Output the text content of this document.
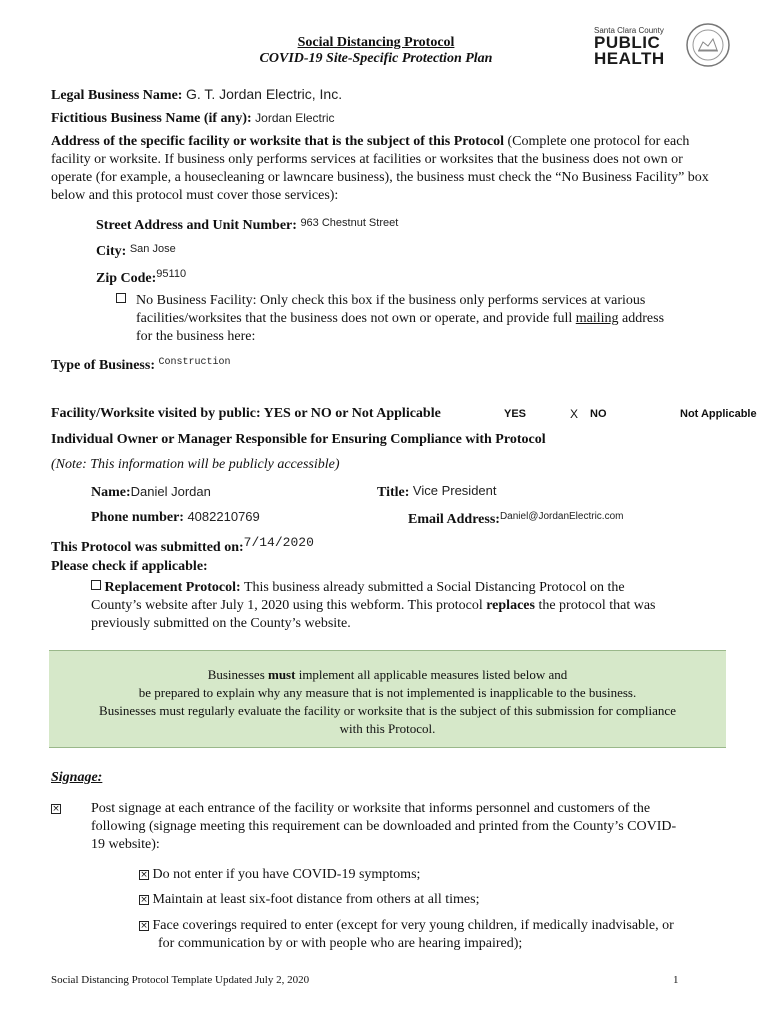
Social Distancing Protocol
COVID-19 Site-Specific Protection Plan
Santa Clara County
PUBLIC
HEALTH
Legal Business Name: G. T. Jordan Electric, Inc.
Fictitious Business Name (if any): Jordan Electric
Address of the specific facility or worksite that is the subject of this Protocol (Complete one protocol for each facility or worksite. If business only performs services at facilities or worksites that the business does not own or operate (for example, a housecleaning or lawncare business), the business must check the “No Business Facility” box below and this protocol must cover those services):
Street Address and Unit Number: $^{963 Chestnut Street}$
City: $^{San Jose}$
Zip Code:$^{95110}$
No Business Facility: Only check this box if the business only performs services at various
facilities/worksites that the business does not own or operate, and provide full mailing address
for the business here:
Type of Business: $^{Construction}$
Facility/Worksite visited by public: YES or NO or Not Applicable	YES	X NO	Not Applicable
Individual Owner or Manager Responsible for Ensuring Compliance with Protocol
(Note: This information will be publicly accessible)
Name:Daniel Jordan	Title: Vice President
Phone number: 4082210769	Email Address:$^{Daniel@JordanElectric.com}$
This Protocol was submitted on:7/14/2020
Please check if applicable:
Replacement Protocol: This business already submitted a Social Distancing Protocol on the
County’s website after July 1, 2020 using this webform. This protocol replaces the protocol that was
previously submitted on the County’s website.
Businesses must implement all applicable measures listed below and
be prepared to explain why any measure that is not implemented is inapplicable to the business.
Businesses must regularly evaluate the facility or worksite that is the subject of this submission for compliance
with this Protocol.
Signage:
× Post signage at each entrance of the facility or worksite that informs personnel and customers of the
following (signage meeting this requirement can be downloaded and printed from the County’s COVID-
19 website):
× Do not enter if you have COVID-19 symptoms;
× Maintain at least six-foot distance from others at all times;
× Face coverings required to enter (except for very young children, if medically inadvisable, or
for communication by or with people who are hearing impaired);
Social Distancing Protocol Template Updated July 2, 2020	1
